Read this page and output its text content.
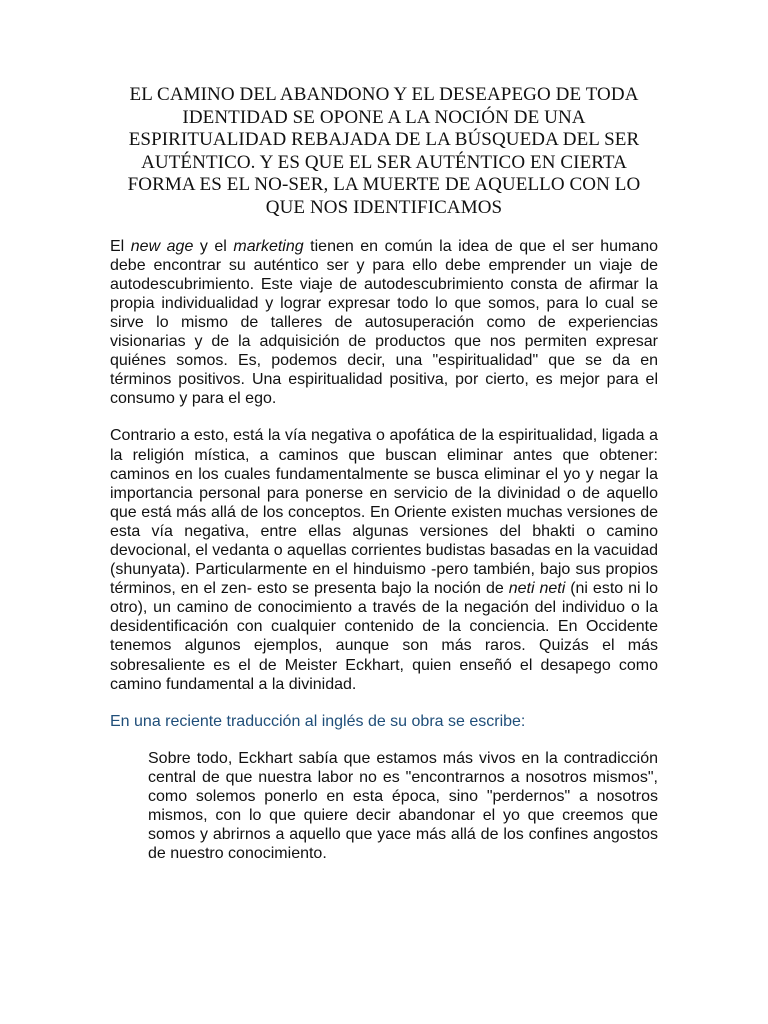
EL CAMINO DEL ABANDONO Y EL DESEAPEGO DE TODA IDENTIDAD SE OPONE A LA NOCIÓN DE UNA ESPIRITUALIDAD REBAJADA DE LA BÚSQUEDA DEL SER AUTÉNTICO. Y ES QUE EL SER AUTÉNTICO EN CIERTA FORMA ES EL NO-SER, LA MUERTE DE AQUELLO CON LO QUE NOS IDENTIFICAMOS

El new age y el marketing tienen en común la idea de que el ser humano debe encontrar su auténtico ser y para ello debe emprender un viaje de autodescubrimiento. Este viaje de autodescubrimiento consta de afirmar la propia individualidad y lograr expresar todo lo que somos, para lo cual se sirve lo mismo de talleres de autosuperación como de experiencias visionarias y de la adquisición de productos que nos permiten expresar quiénes somos. Es, podemos decir, una "espiritualidad" que se da en términos positivos. Una espiritualidad positiva, por cierto, es mejor para el consumo y para el ego.

Contrario a esto, está la vía negativa o apofática de la espiritualidad, ligada a la religión mística, a caminos que buscan eliminar antes que obtener: caminos en los cuales fundamentalmente se busca eliminar el yo y negar la importancia personal para ponerse en servicio de la divinidad o de aquello que está más allá de los conceptos. En Oriente existen muchas versiones de esta vía negativa, entre ellas algunas versiones del bhakti o camino devocional, el vedanta o aquellas corrientes budistas basadas en la vacuidad (shunyata). Particularmente en el hinduismo -pero también, bajo sus propios términos, en el zen- esto se presenta bajo la noción de neti neti (ni esto ni lo otro), un camino de conocimiento a través de la negación del individuo o la desidentificación con cualquier contenido de la conciencia. En Occidente tenemos algunos ejemplos, aunque son más raros. Quizás el más sobresaliente es el de Meister Eckhart, quien enseñó el desapego como camino fundamental a la divinidad.

En una reciente traducción al inglés de su obra se escribe:

Sobre todo, Eckhart sabía que estamos más vivos en la contradicción central de que nuestra labor no es "encontrarnos a nosotros mismos", como solemos ponerlo en esta época, sino "perdernos" a nosotros mismos, con lo que quiere decir abandonar el yo que creemos que somos y abrirnos a aquello que yace más allá de los confines angostos de nuestro conocimiento.
